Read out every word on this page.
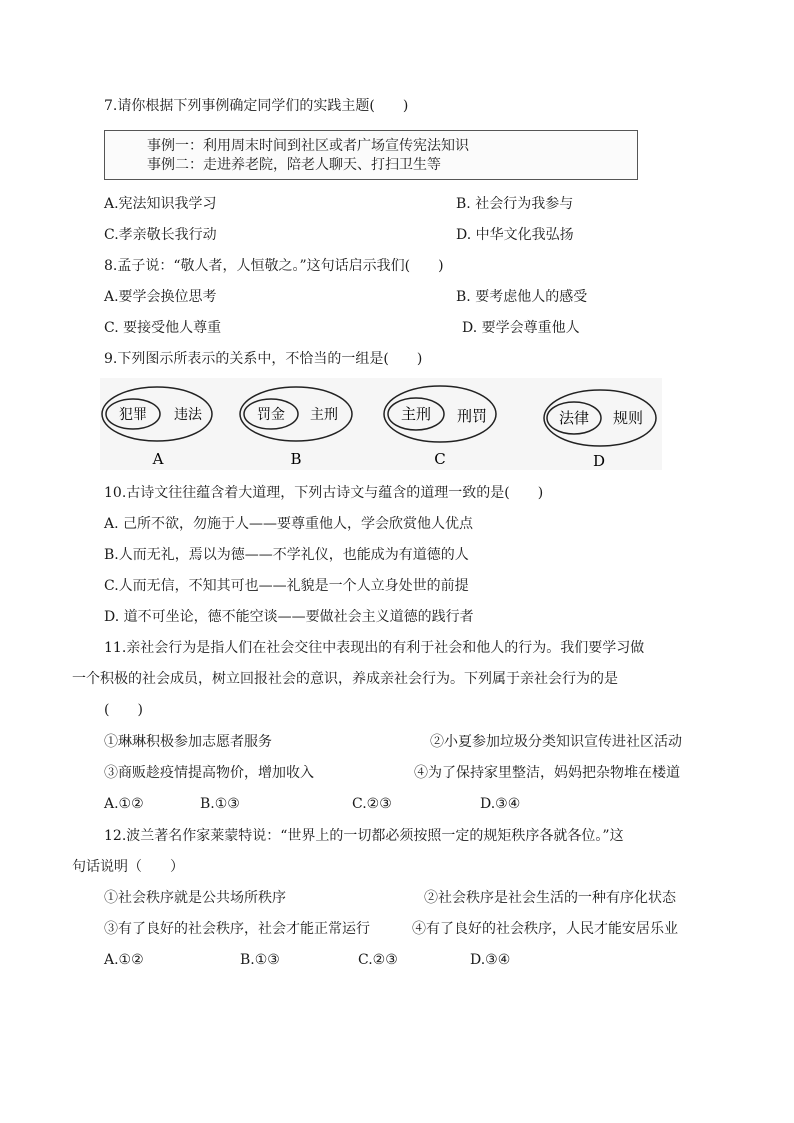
7.请你根据下列事例确定同学们的实践主题(　　)
事例一：利用周末时间到社区或者广场宣传宪法知识
事例二：走进养老院，陪老人聊天、打扫卫生等
A.宪法知识我学习	B. 社会行为我参与
C.孝亲敬长我行动	D. 中华文化我弘扬
8.孟子说：“敬人者，人恒敬之。”这句话启示我们(　　)
A.要学会换位思考	B. 要考虑他人的感受
C. 要接受他人尊重	D. 要学会尊重他人
9.下列图示所表示的关系中，不恰当的一组是(　　)
犯罪 违法
A
罚金 主刑
B
主刑 刑罚
C
法律 规则
D
10.古诗文往往蕴含着大道理，下列古诗文与蕴含的道理一致的是(　　)
A. 己所不欲，勿施于人——要尊重他人，学会欣赏他人优点
B.人而无礼，焉以为德——不学礼仪，也能成为有道德的人
C.人而无信，不知其可也——礼貌是一个人立身处世的前提
D. 道不可坐论，德不能空谈——要做社会主义道德的践行者
11.亲社会行为是指人们在社会交往中表现出的有利于社会和他人的行为。我们要学习做
一个积极的社会成员，树立回报社会的意识，养成亲社会行为。下列属于亲社会行为的是
(　　)
①琳琳积极参加志愿者服务	②小夏参加垃圾分类知识宣传进社区活动
③商贩趁疫情提高物价，增加收入	④为了保持家里整洁，妈妈把杂物堆在楼道
A.①②	B.①③	C.②③	D.③④
12.波兰著名作家莱蒙特说：“世界上的一切都必须按照一定的规矩秩序各就各位。”这
句话说明（　　）
①社会秩序就是公共场所秩序	②社会秩序是社会生活的一种有序化状态
③有了良好的社会秩序，社会才能正常运行	④有了良好的社会秩序，人民才能安居乐业
A.①②	B.①③	C.②③	D.③④
